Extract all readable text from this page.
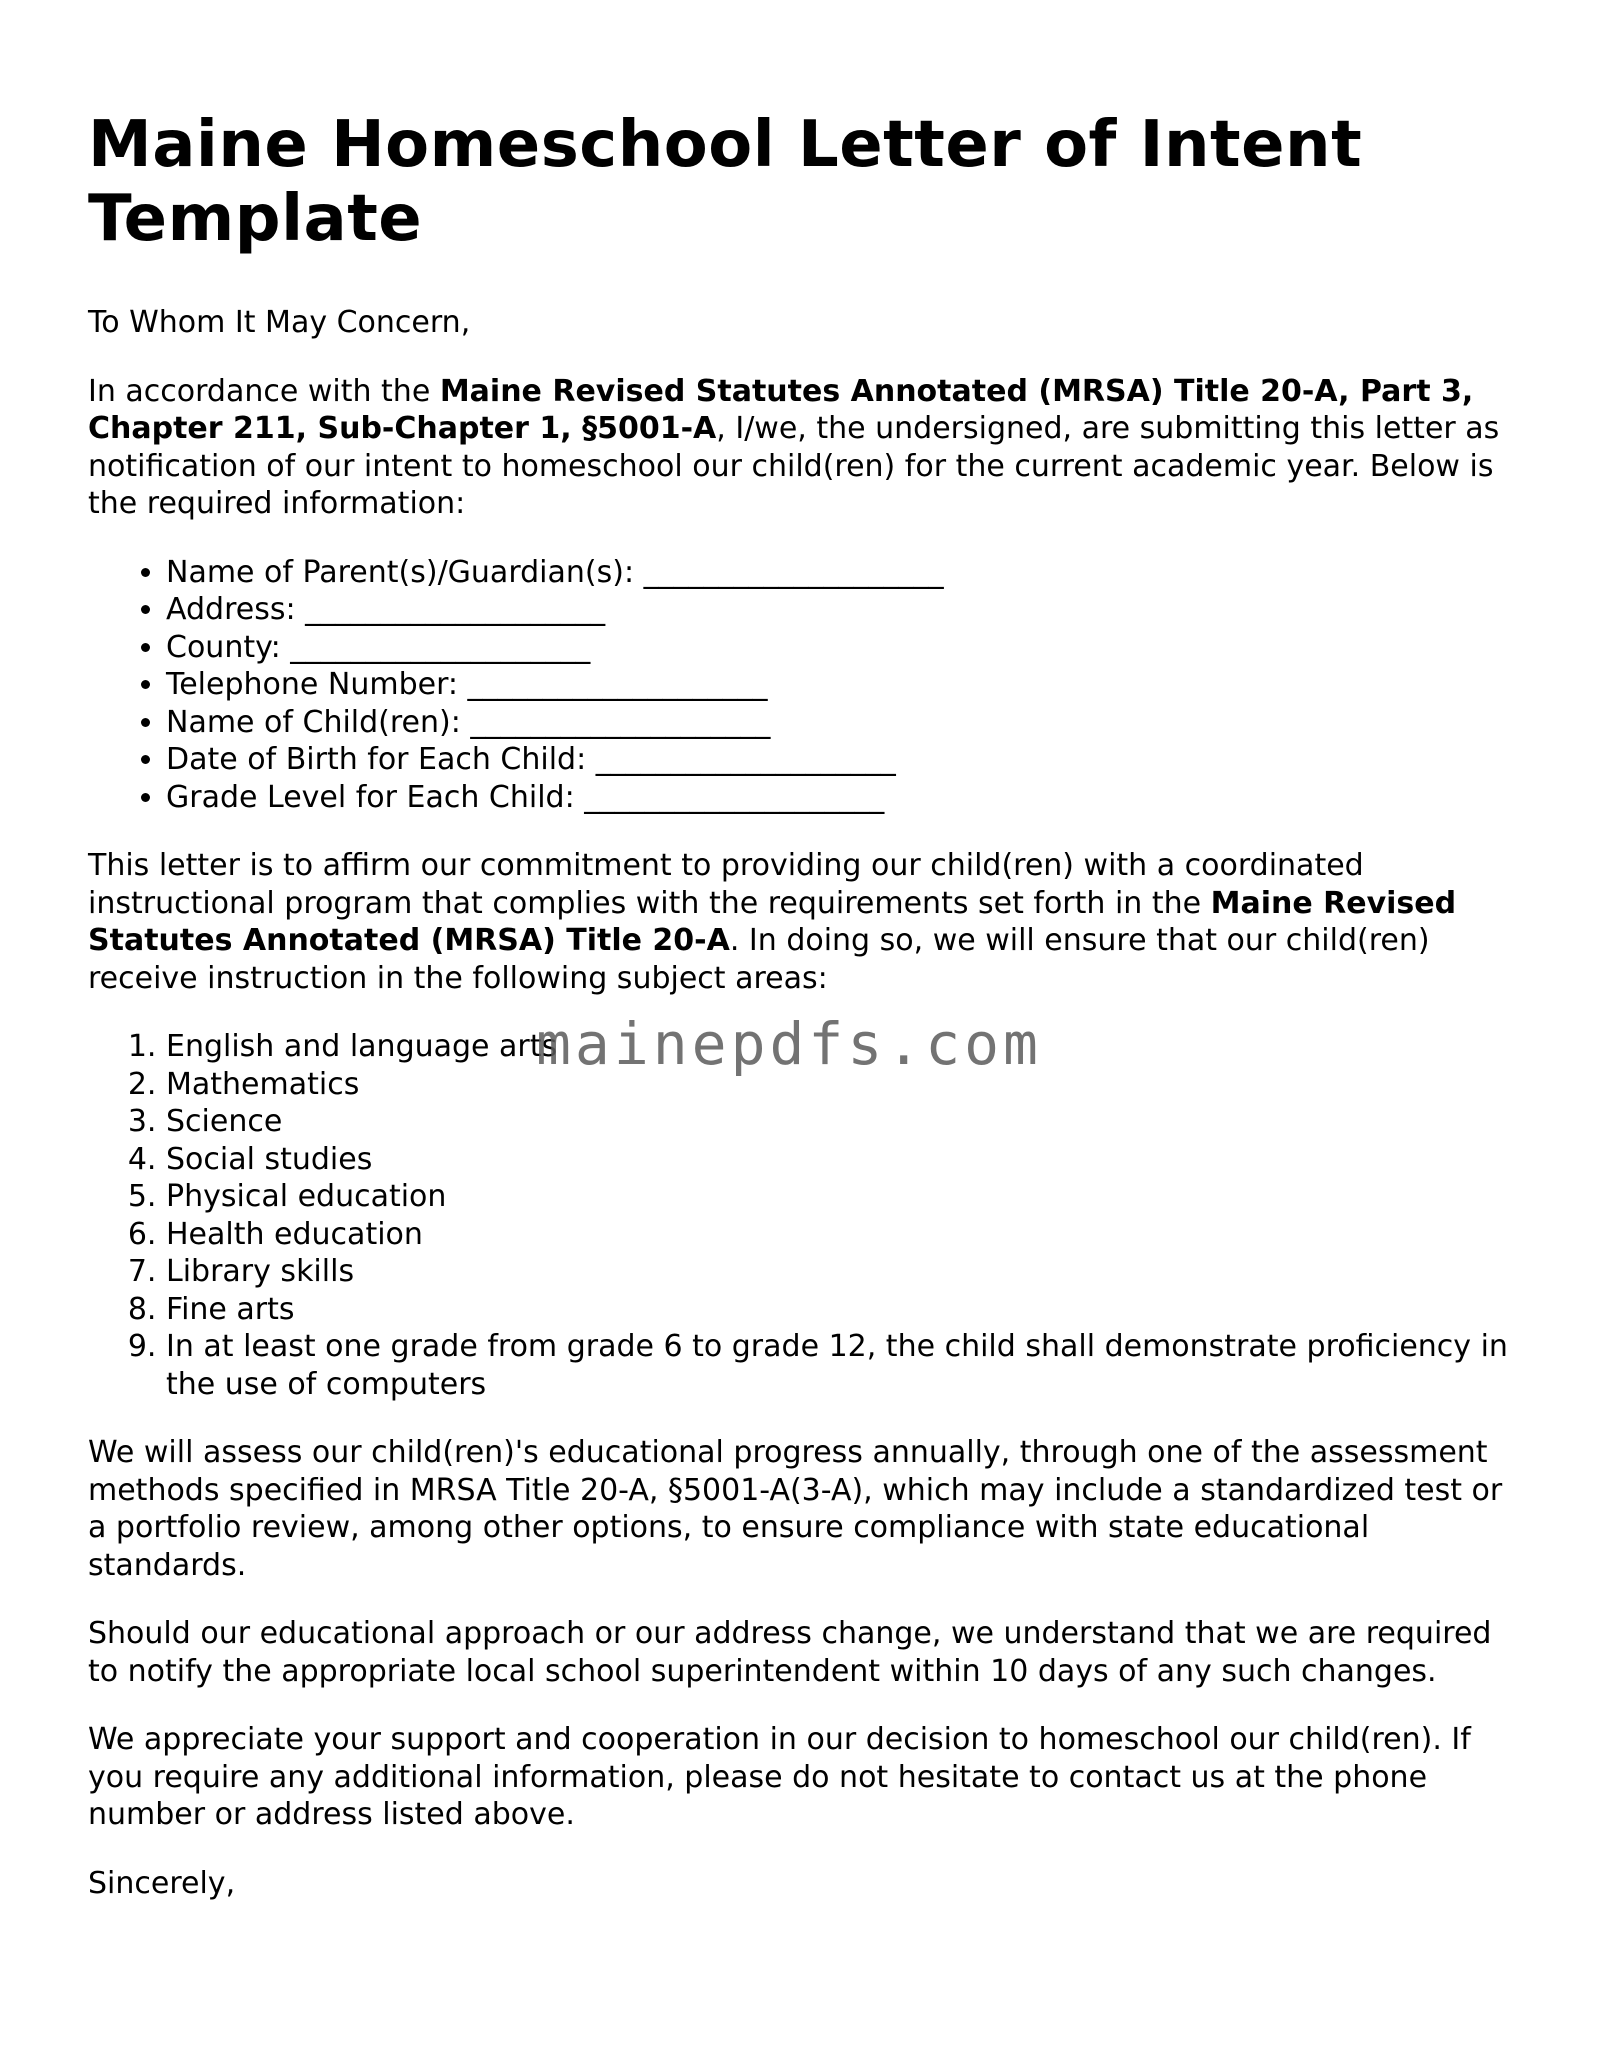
Maine Homeschool Letter of Intent Template

To Whom It May Concern,

In accordance with the Maine Revised Statutes Annotated (MRSA) Title 20-A, Part 3, Chapter 211, Sub-Chapter 1, §5001-A, I/we, the undersigned, are submitting this letter as notification of our intent to homeschool our child(ren) for the current academic year. Below is the required information:

• Name of Parent(s)/Guardian(s): ____________________
• Address: ____________________
• County: ____________________
• Telephone Number: ____________________
• Name of Child(ren): ____________________
• Date of Birth for Each Child: ____________________
• Grade Level for Each Child: ____________________

This letter is to affirm our commitment to providing our child(ren) with a coordinated instructional program that complies with the requirements set forth in the Maine Revised Statutes Annotated (MRSA) Title 20-A. In doing so, we will ensure that our child(ren) receive instruction in the following subject areas:

1. English and language arts
2. Mathematics
3. Science
4. Social studies
5. Physical education
6. Health education
7. Library skills
8. Fine arts
9. In at least one grade from grade 6 to grade 12, the child shall demonstrate proficiency in the use of computers

We will assess our child(ren)'s educational progress annually, through one of the assessment methods specified in MRSA Title 20-A, §5001-A(3-A), which may include a standardized test or a portfolio review, among other options, to ensure compliance with state educational standards.

Should our educational approach or our address change, we understand that we are required to notify the appropriate local school superintendent within 10 days of any such changes.

We appreciate your support and cooperation in our decision to homeschool our child(ren). If you require any additional information, please do not hesitate to contact us at the phone number or address listed above.

Sincerely,

mainepdfs.com
